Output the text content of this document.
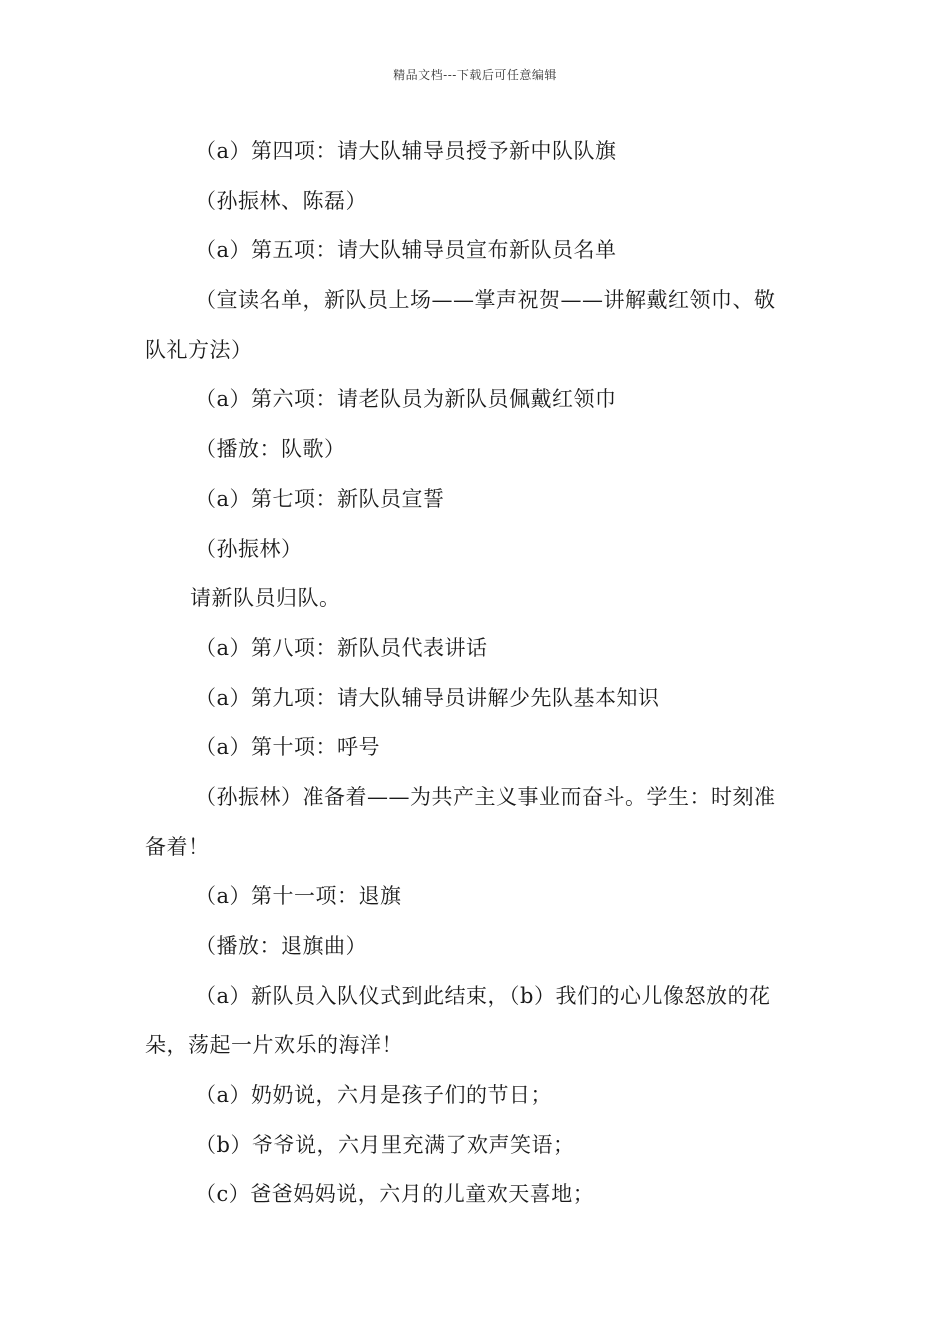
精品文档---下载后可任意编辑
（a）第四项：请大队辅导员授予新中队队旗
（孙振林、陈磊）
（a）第五项：请大队辅导员宣布新队员名单
（宣读名单，新队员上场——掌声祝贺——讲解戴红领巾、敬
队礼方法）
（a）第六项：请老队员为新队员佩戴红领巾
（播放：队歌）
（a）第七项：新队员宣誓
（孙振林）
请新队员归队。
（a）第八项：新队员代表讲话
（a）第九项：请大队辅导员讲解少先队基本知识
（a）第十项：呼号
（孙振林）准备着——为共产主义事业而奋斗。学生：时刻准
备着！
（a）第十一项：退旗
（播放：退旗曲）
（a）新队员入队仪式到此结束，（b）我们的心儿像怒放的花
朵，荡起一片欢乐的海洋！
（a）奶奶说，六月是孩子们的节日；
（b）爷爷说，六月里充满了欢声笑语；
（c）爸爸妈妈说，六月的儿童欢天喜地；
